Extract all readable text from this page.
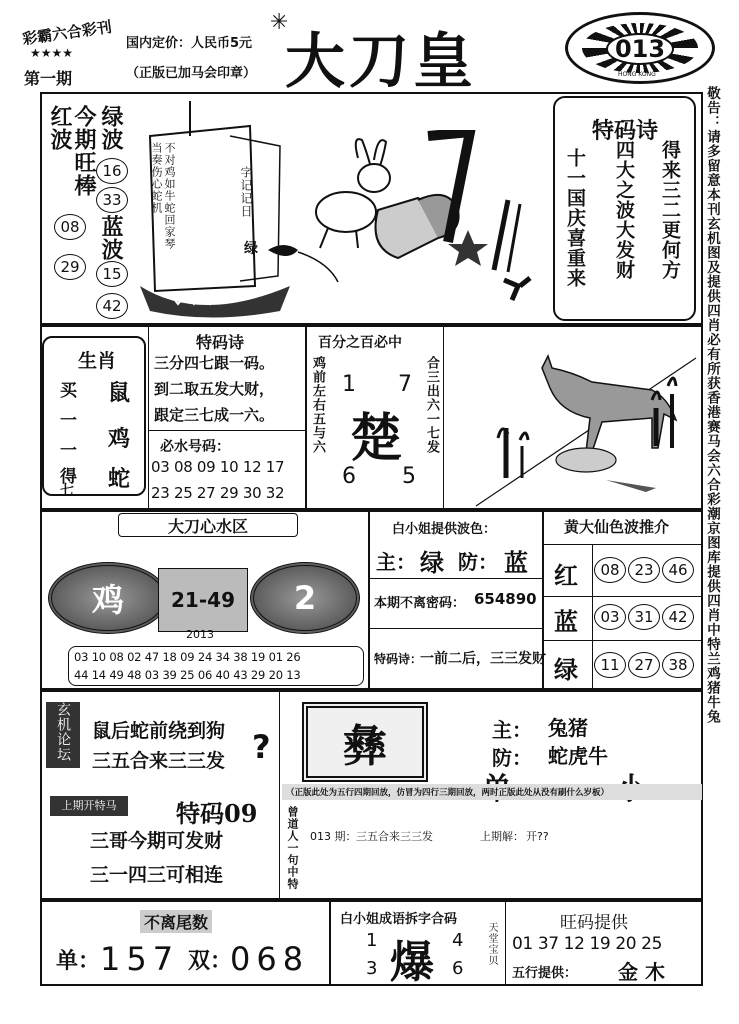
彩霸六合彩刊
★★★★
第一期
国内定价：人民币5元
（正版已加马会印章）
✳
大刀皇	013
HONG KONG
敬告：请多留意本刊玄机图及提供四肖必有所获香港赛马会六合彩潮京图库提供四肖中特兰鸡猪牛兔
今期旺棒红波	绿波
16
33
08
29
蓝波
15
42
不对鸡如牛蛇回家琴当奏伤心蛇机	字记记日
绿
特码诗
十一国庆喜重来 四大之波大发财 得来三二更何方
生肖
买
一
一
得
七
鼠
鸡
蛇
特码诗
三分四七跟一码。
到二取五发大财，
跟定三七成一六。
必水号码：
03 08 09 10 12 17
23 25 27 29 30 32
百分之百必中
鸡前左右五与六	合三出六一七发
1 7
楚
6 5
大刀心水区
鸡 21-49 2
2013
03 10 08 02 47 18 09 24 34 38 19 01 26
44 14 49 48 03 39 25 06 40 43 29 20 13
白小姐提供波色：
主： 绿 防： 蓝
本期不离密码： 654890
特码诗：
一前二后，三三发财
黄大仙色波推介
红	08 23 46
蓝	03 31 42
绿	11 27 38
玄机论坛	鼠后蛇前绕到狗
三五合来三三发 ?
上期开特马	特码09
三哥今期可发财
三一四三可相连
彝	主： 兔猪
防： 蛇虎牛
（正版此处为五行四期回放，仿冒为四行三期回放，两时正版此处从没有刷什么岁板）
曾道人一句中特 013 期： 三五合来三三发	上期解： 开??
不离尾数
单： 157 双：
068
白小姐成语拆字合码
天堂宝贝
1 爆 4
3	6
旺码提供
01 37 12 19 20 25
五行提供： 金 木
